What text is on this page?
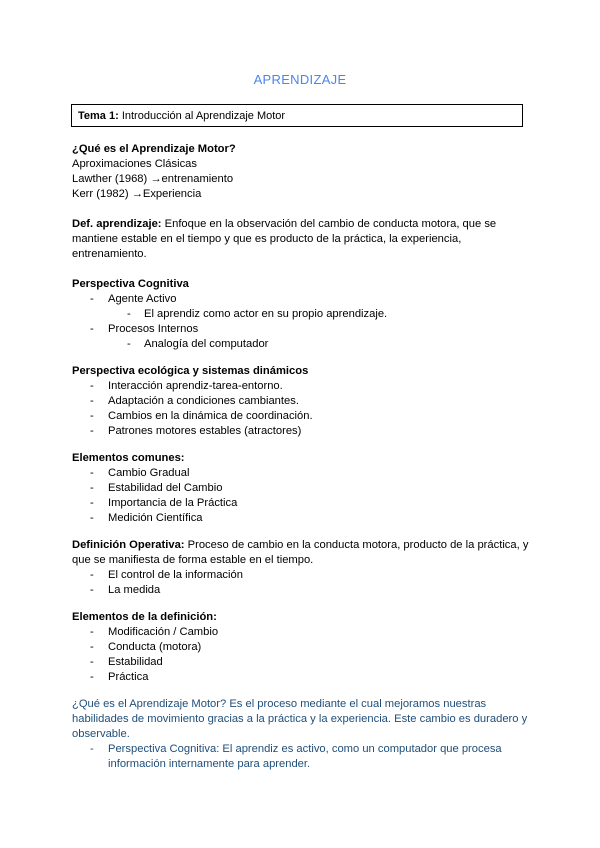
APRENDIZAJE
Tema 1: Introducción al Aprendizaje Motor
¿Qué es el Aprendizaje Motor?
Aproximaciones Clásicas
Lawther (1968) →entrenamiento
Kerr (1982) →Experiencia
Def. aprendizaje: Enfoque en la observación del cambio de conducta motora, que se mantiene estable en el tiempo y que es producto de la práctica, la experiencia, entrenamiento.
Perspectiva Cognitiva
- Agente Activo
- El aprendiz como actor en su propio aprendizaje.
- Procesos Internos
- Analogía del computador
Perspectiva ecológica y sistemas dinámicos
- Interacción aprendiz-tarea-entorno.
- Adaptación a condiciones cambiantes.
- Cambios en la dinámica de coordinación.
- Patrones motores estables (atractores)
Elementos comunes:
- Cambio Gradual
- Estabilidad del Cambio
- Importancia de la Práctica
- Medición Científica
Definición Operativa: Proceso de cambio en la conducta motora, producto de la práctica, y que se manifiesta de forma estable en el tiempo.
- El control de la información
- La medida
Elementos de la definición:
- Modificación / Cambio
- Conducta (motora)
- Estabilidad
- Práctica
¿Qué es el Aprendizaje Motor? Es el proceso mediante el cual mejoramos nuestras habilidades de movimiento gracias a la práctica y la experiencia. Este cambio es duradero y observable.
- Perspectiva Cognitiva: El aprendiz es activo, como un computador que procesa información internamente para aprender.
